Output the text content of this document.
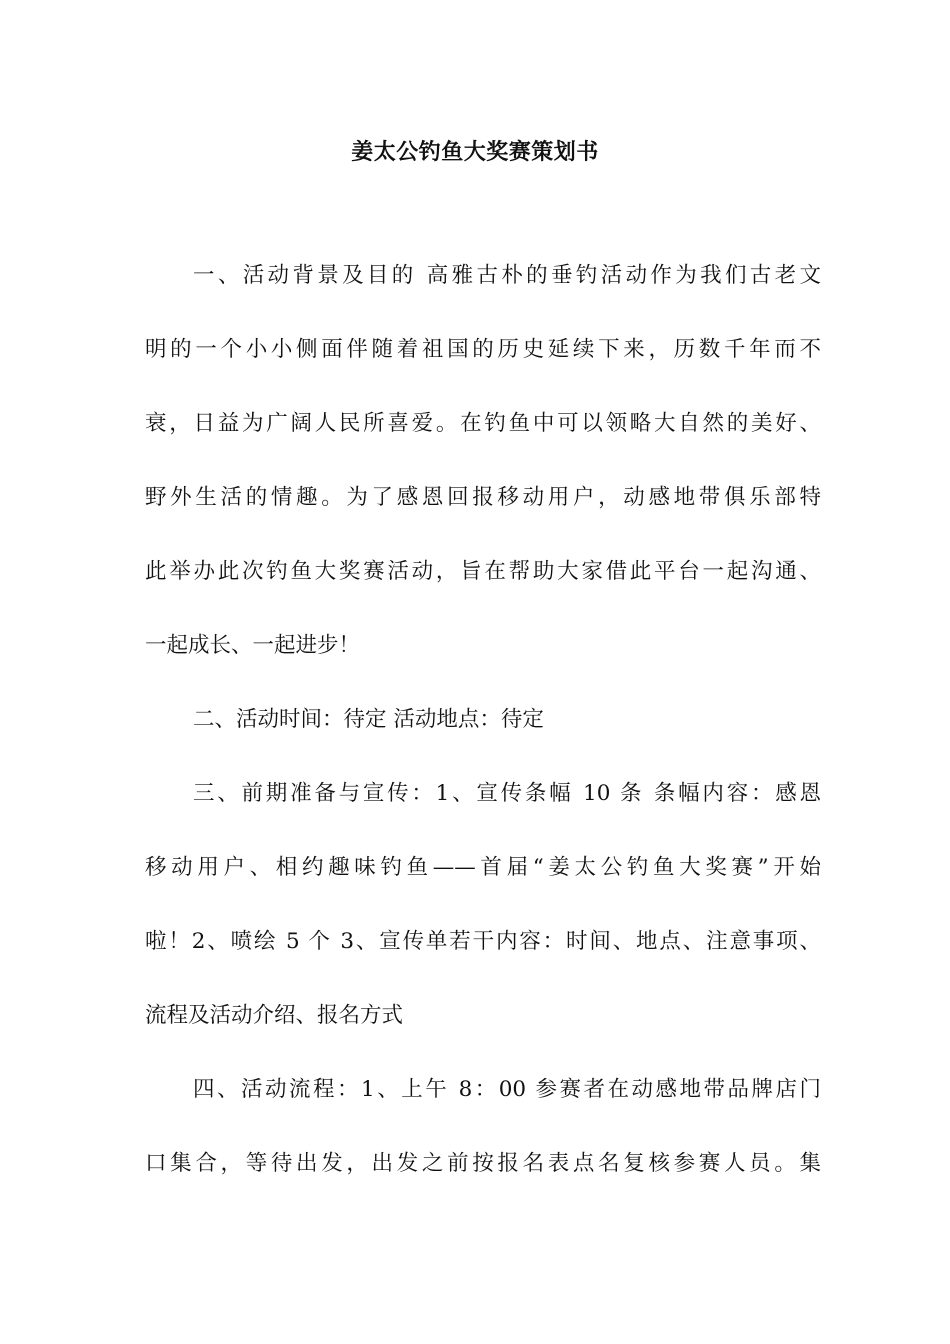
姜太公钓鱼大奖赛策划书
一、活动背景及目的 高雅古朴的垂钓活动作为我们古老文
明的一个小小侧面伴随着祖国的历史延续下来，历数千年而不
衰，日益为广阔人民所喜爱。在钓鱼中可以领略大自然的美好、
野外生活的情趣。为了感恩回报移动用户，动感地带俱乐部特
此举办此次钓鱼大奖赛活动，旨在帮助大家借此平台一起沟通、
一起成长、一起进步！
二、活动时间：待定 活动地点：待定
三、前期准备与宣传：1、宣传条幅 10 条 条幅内容：感恩
移动用户、相约趣味钓鱼——首届“姜太公钓鱼大奖赛”开始
啦！2、喷绘 5 个 3、宣传单若干内容：时间、地点、注意事项、
流程及活动介绍、报名方式
四、活动流程：1、上午 8：00 参赛者在动感地带品牌店门
口集合，等待出发，出发之前按报名表点名复核参赛人员。集
